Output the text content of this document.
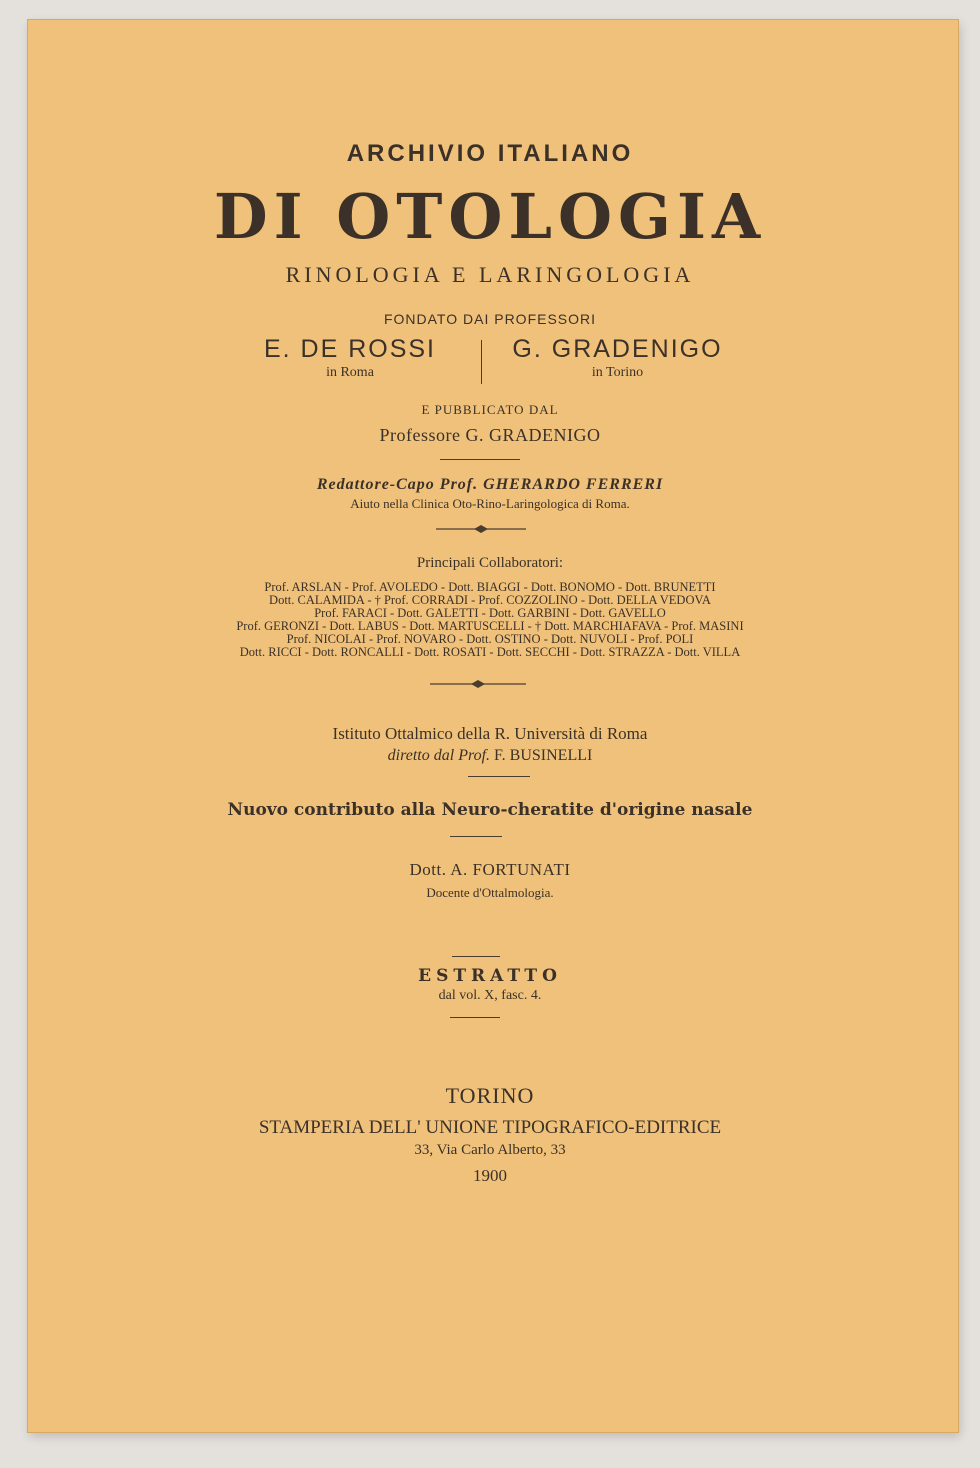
ARCHIVIO ITALIANO
DI OTOLOGIA
RINOLOGIA E LARINGOLOGIA
FONDATO DAI PROFESSORI
E. DE ROSSI
in Roma
G. GRADENIGO
in Torino
E PUBBLICATO DAL
Professore G. GRADENIGO
Redattore-Capo Prof. GHERARDO FERRERI
Aiuto nella Clinica Oto-Rino-Laringologica di Roma.
Principali Collaboratori:
Prof. ARSLAN - Prof. AVOLEDO - Dott. BIAGGI - Dott. BONOMO - Dott. BRUNETTI
Dott. CALAMIDA - † Prof. CORRADI - Prof. COZZOLINO - Dott. DELLA VEDOVA
Prof. FARACI - Dott. GALETTI - Dott. GARBINI - Dott. GAVELLO
Prof. GERONZI - Dott. LABUS - Dott. MARTUSCELLI - † Dott. MARCHIAFAVA - Prof. MASINI
Prof. NICOLAI - Prof. NOVARO - Dott. OSTINO - Dott. NUVOLI - Prof. POLI
Dott. RICCI - Dott. RONCALLI - Dott. ROSATI - Dott. SECCHI - Dott. STRAZZA - Dott. VILLA
Istituto Ottalmico della R. Università di Roma
diretto dal Prof. F. BUSINELLI
Nuovo contributo alla Neuro-cheratite d'origine nasale
Dott. A. FORTUNATI
Docente d'Ottalmologia.
ESTRATTO
dal vol. X, fasc. 4.
TORINO
STAMPERIA DELL' UNIONE TIPOGRAFICO-EDITRICE
33, Via Carlo Alberto, 33
1900
